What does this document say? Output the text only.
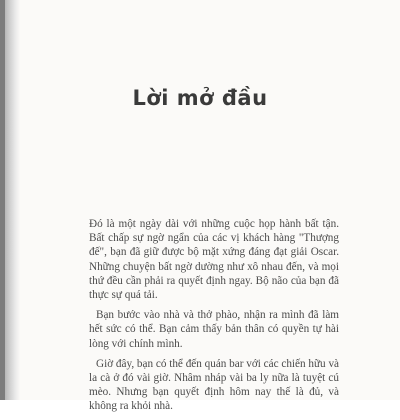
Lời mở đầu

Đó là một ngày dài với những cuộc họp hành bất tận. Bất chấp sự ngờ ngẩn của các vị khách hàng "Thượng đế", bạn đã giữ được bộ mặt xứng đáng đạt giải Oscar. Những chuyện bất ngờ dường như xô nhau đến, và mọi thứ đều cần phải ra quyết định ngay. Bộ não của bạn đã thực sự quá tải.

Bạn bước vào nhà và thở phào, nhận ra mình đã làm hết sức có thể. Bạn cảm thấy bản thân có quyền tự hài lòng với chính mình.

Giờ đây, bạn có thể đến quán bar với các chiến hữu và la cà ở đó vài giờ. Nhâm nháp vài ba ly nữa là tuyệt cú mèo. Nhưng bạn quyết định hôm nay thế là đủ, và không ra khỏi nhà.
